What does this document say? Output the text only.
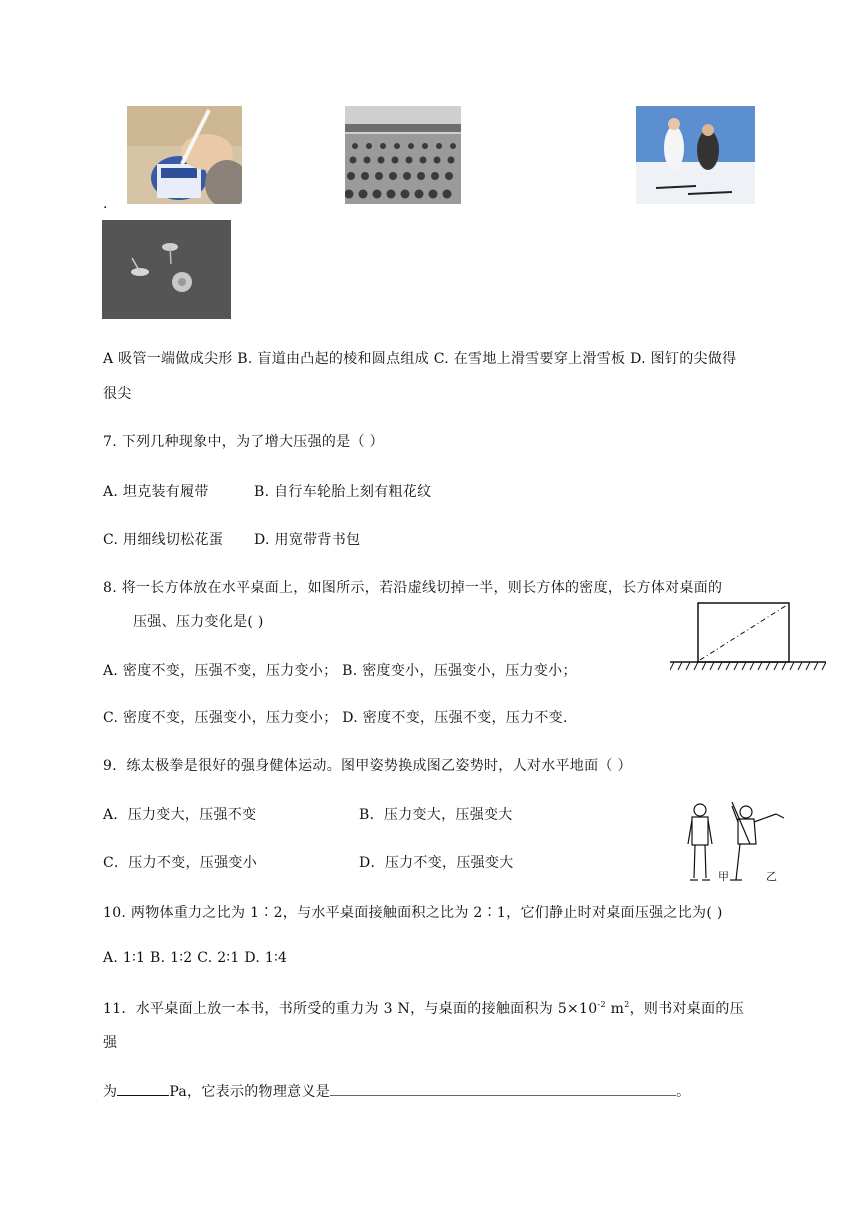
.
A 吸管一端做成尖形 B. 盲道由凸起的棱和圆点组成 C. 在雪地上滑雪要穿上滑雪板 D. 图钉的尖做得
很尖
7. 下列几种现象中，为了增大压强的是（ ）
A. 坦克装有履带	B. 自行车轮胎上刻有粗花纹
C. 用细线切松花蛋 D. 用宽带背书包
8. 将一长方体放在水平桌面上，如图所示，若沿虚线切掉一半，则长方体的密度，长方体对桌面的
压强、压力变化是( )
A. 密度不变，压强不变，压力变小； B. 密度变小，压强变小，压力变小；
C. 密度不变，压强变小，压力变小； D. 密度不变，压强不变，压力不变.
9．练太极拳是很好的强身健体运动。图甲姿势换成图乙姿势时，人对水平地面（ ）
A．压力变大，压强不变	B．压力变大，压强变大
C．压力不变，压强变小	D．压力不变，压强变大
甲	乙
10. 两物体重力之比为 1∶2，与水平桌面接触面积之比为 2∶1，它们静止时对桌面压强之比为( )
A. 1∶1 B. 1∶2 C. 2∶1 D. 1∶4
11．水平桌面上放一本书，书所受的重力为 3 N，与桌面的接触面积为 $5\times 10^{-2}$ $m^2$，则书对桌面的压
强
为	Pa，它表示的物理意义是	。
